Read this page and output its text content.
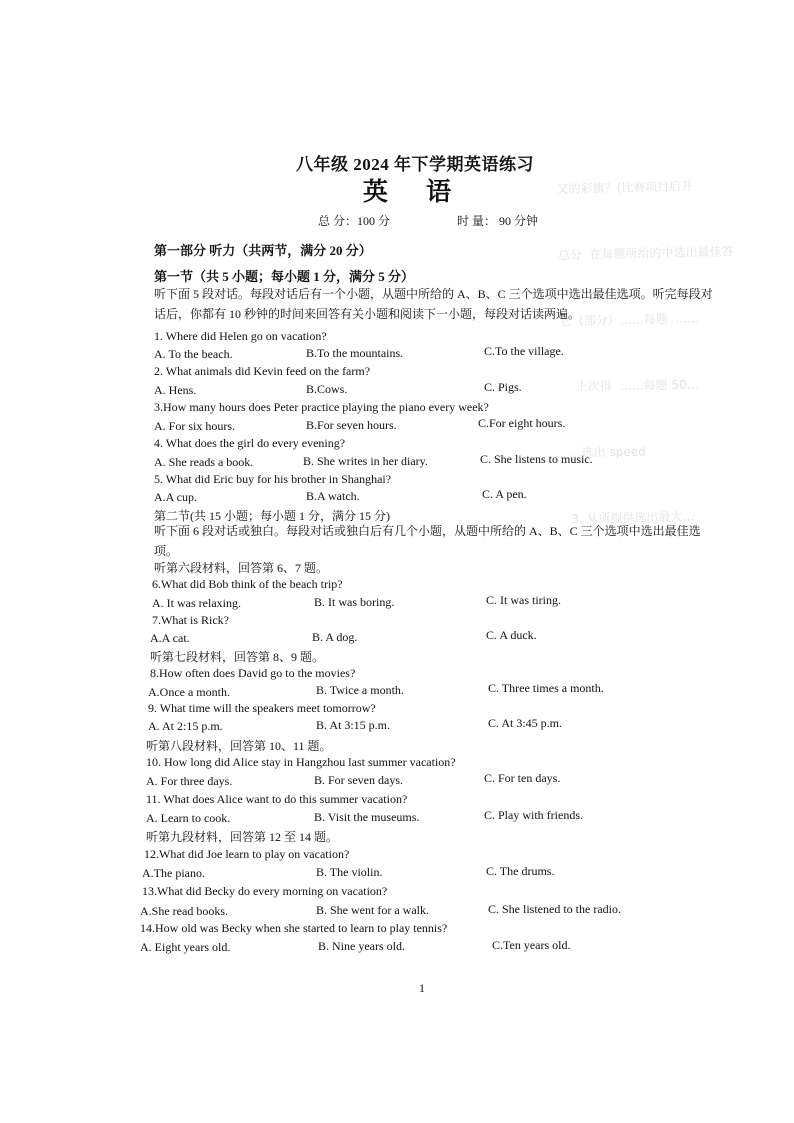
又的彩旗？(比赛项目后开

总分  在每题所给的中选出最佳答

它  (部分）……每题  ……

上次得  ……每題 50…

…选出 speed

3. 从所提供选出最大…

八年级 2024 年下学期英语练习
英 语
总 分：100 分	时 量： 90 分钟
第一部分 听力（共两节，满分 20 分）
第一节（共 5 小题；每小题 1 分，满分 5 分）
听下面 5 段对话。每段对话后有一个小题，从题中所给的 A、B、C 三个选项中选出最佳选项。听完每段对话后，你都有 10 秒钟的时间来回答有关小题和阅读下一小题，每段对话读两遍。
1. Where did Helen go on vacation?
A. To the beach.	B.To the mountains.	C.To the village.
2. What animals did Kevin feed on the farm?
A. Hens.	B.Cows.	C. Pigs.
3.How many hours does Peter practice playing the piano every week?
A. For six hours.	B.For seven hours.	C.For eight hours.
4. What does the girl do every evening?
A. She reads a book.	B. She writes in her diary.	C. She listens to music.
5. What did Eric buy for his brother in Shanghai?
A.A cup.	B.A watch.	C. A pen.
第二节(共 15 小题；每小题 1 分，满分 15 分)
听下面 6 段对话或独白。每段对话或独白后有几个小题，从题中所给的 A、B、C 三个选项中选出最佳选项。
听第六段材料，回答第 6、7 题。
6.What did Bob think of the beach trip?
A. It was relaxing.	B. It was boring.	C. It was tiring.
7.What is Rick?
A.A cat.	B. A dog.	C. A duck.
听第七段材料，回答第 8、9 题。
8.How often does David go to the movies?
A.Once a month.	B. Twice a month.	C. Three times a month.
9. What time will the speakers meet tomorrow?
A. At 2:15 p.m.	B. At 3:15 p.m.	C. At 3:45 p.m.
听第八段材料，回答第 10、11 题。
10. How long did Alice stay in Hangzhou last summer vacation?
A. For three days.	B. For seven days.	C. For ten days.
11. What does Alice want to do this summer vacation?
A. Learn to cook.	B. Visit the museums.	C. Play with friends.
听第九段材料，回答第 12 至 14 题。
12.What did Joe learn to play on vacation?
A.The piano.	B. The violin.	C. The drums.
13.What did Becky do every morning on vacation?
A.She read books.	B. She went for a walk.	C. She listened to the radio.
14.How old was Becky when she started to learn to play tennis?
A. Eight years old.	B. Nine years old.	C.Ten years old.
1
